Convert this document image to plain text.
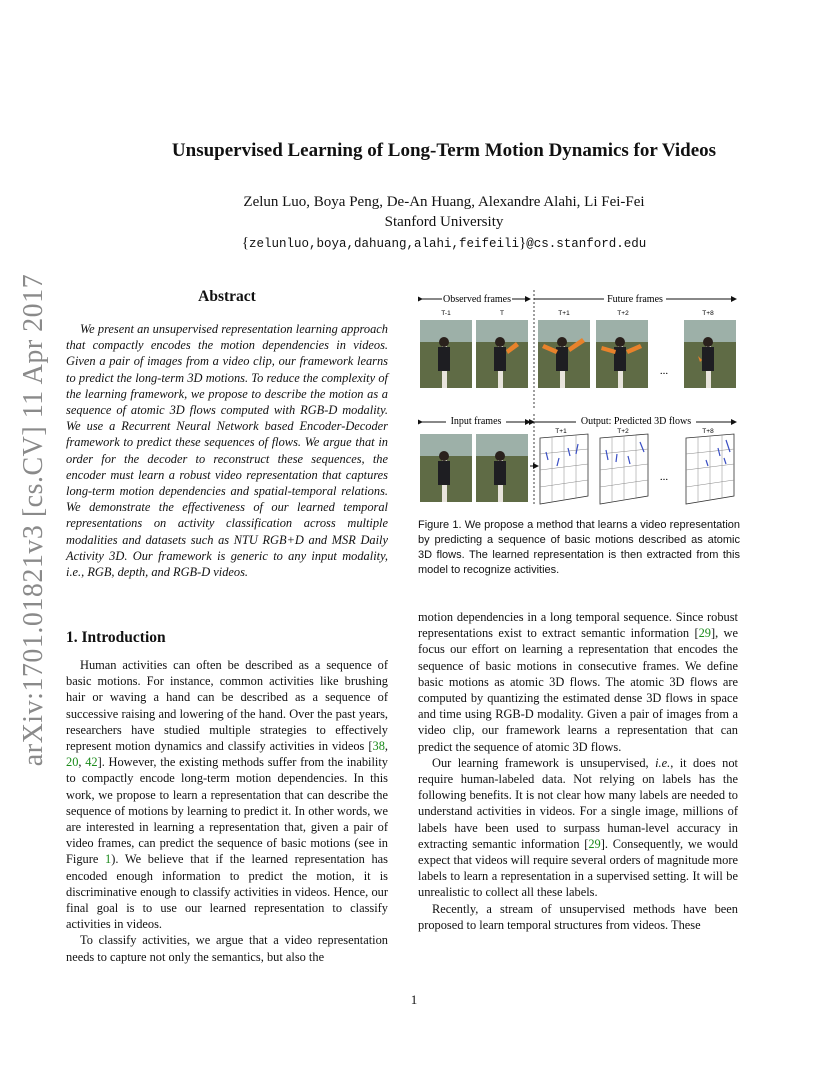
arXiv:1701.01821v3 [cs.CV] 11 Apr 2017
Unsupervised Learning of Long-Term Motion Dynamics for Videos
Zelun Luo, Boya Peng, De-An Huang, Alexandre Alahi, Li Fei-Fei
Stanford University
{zelunluo,boya,dahuang,alahi,feifeili}@cs.stanford.edu
Abstract

We present an unsupervised representation learning approach that compactly encodes the motion dependencies in videos. Given a pair of images from a video clip, our framework learns to predict the long-term 3D motions. To reduce the complexity of the learning framework, we propose to describe the motion as a sequence of atomic 3D flows computed with RGB-D modality. We use a Recurrent Neural Network based Encoder-Decoder framework to predict these sequences of flows. We argue that in order for the decoder to reconstruct these sequences, the encoder must learn a robust video representation that captures long-term motion dependencies and spatial-temporal relations. We demonstrate the effectiveness of our learned temporal representations on activity classification across multiple modalities and datasets such as NTU RGB+D and MSR Daily Activity 3D. Our framework is generic to any input modality, i.e., RGB, depth, and RGB-D videos.

1. Introduction

Human activities can often be described as a sequence of basic motions. For instance, common activities like brushing hair or waving a hand can be described as a sequence of successive raising and lowering of the hand. Over the past years, researchers have studied multiple strategies to effectively represent motion dynamics and classify activities in videos [38, 20, 42]. However, the existing methods suffer from the inability to compactly encode long-term motion dependencies. In this work, we propose to learn a representation that can describe the sequence of motions by learning to predict it. In other words, we are interested in learning a representation that, given a pair of video frames, can predict the sequence of basic motions (see in Figure 1). We believe that if the learned representation has encoded enough information to predict the motion, it is discriminative enough to classify activities in videos. Hence, our final goal is to use our learned representation to classify activities in videos.

To classify activities, we argue that a video representation needs to capture not only the semantics, but also the

Observed frames	Future frames
T-1	T	T+1	T+2	T+8
...
Input frames	Output: Predicted 3D flows
T+1	T+2	T+8
...

Figure 1. We propose a method that learns a video representation by predicting a sequence of basic motions described as atomic 3D flows. The learned representation is then extracted from this model to recognize activities.

motion dependencies in a long temporal sequence. Since robust representations exist to extract semantic information [29], we focus our effort on learning a representation that encodes the sequence of basic motions in consecutive frames. We define basic motions as atomic 3D flows. The atomic 3D flows are computed by quantizing the estimated dense 3D flows in space and time using RGB-D modality. Given a pair of images from a video clip, our framework learns a representation that can predict the sequence of atomic 3D flows.

Our learning framework is unsupervised, i.e., it does not require human-labeled data. Not relying on labels has the following benefits. It is not clear how many labels are needed to understand activities in videos. For a single image, millions of labels have been used to surpass human-level accuracy in extracting semantic information [29]. Consequently, we would expect that videos will require several orders of magnitude more labels to learn a representation in a supervised setting. It will be unrealistic to collect all these labels.

Recently, a stream of unsupervised methods have been proposed to learn temporal structures from videos. These

1
